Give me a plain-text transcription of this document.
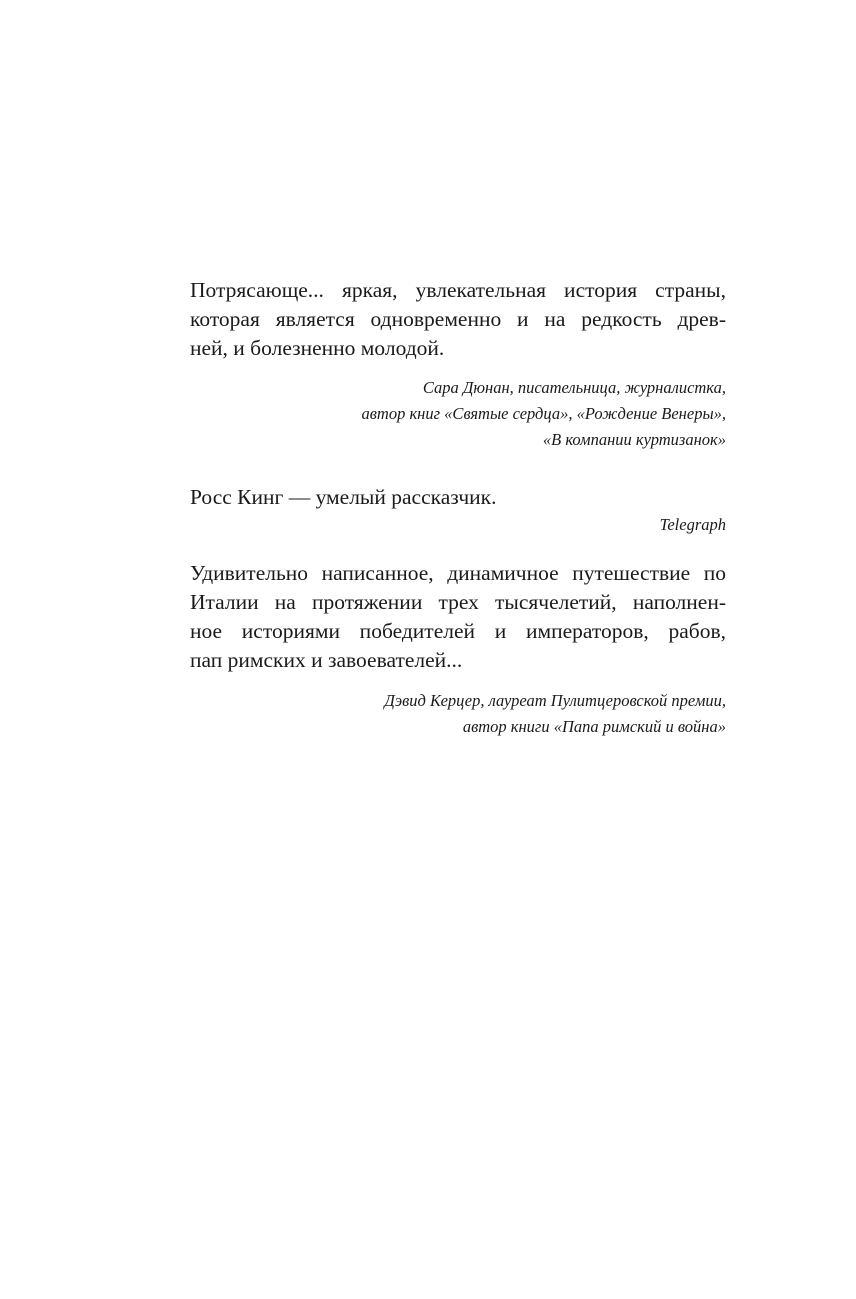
Потрясающе... яркая, увлекательная история страны,
которая является одновременно и на редкость древ-
ней, и болезненно молодой.

Сара Дюнан, писательница, журналистка,
автор книг «Святые сердца», «Рождение Венеры»,
«В компании куртизанок»

Росс Кинг — умелый рассказчик.

Telegraph

Удивительно написанное, динамичное путешествие по
Италии на протяжении трех тысячелетий, наполнен-
ное историями победителей и императоров, рабов,
пап римских и завоевателей...

Дэвид Керцер, лауреат Пулитцеровской премии,
автор книги «Папа римский и война»
